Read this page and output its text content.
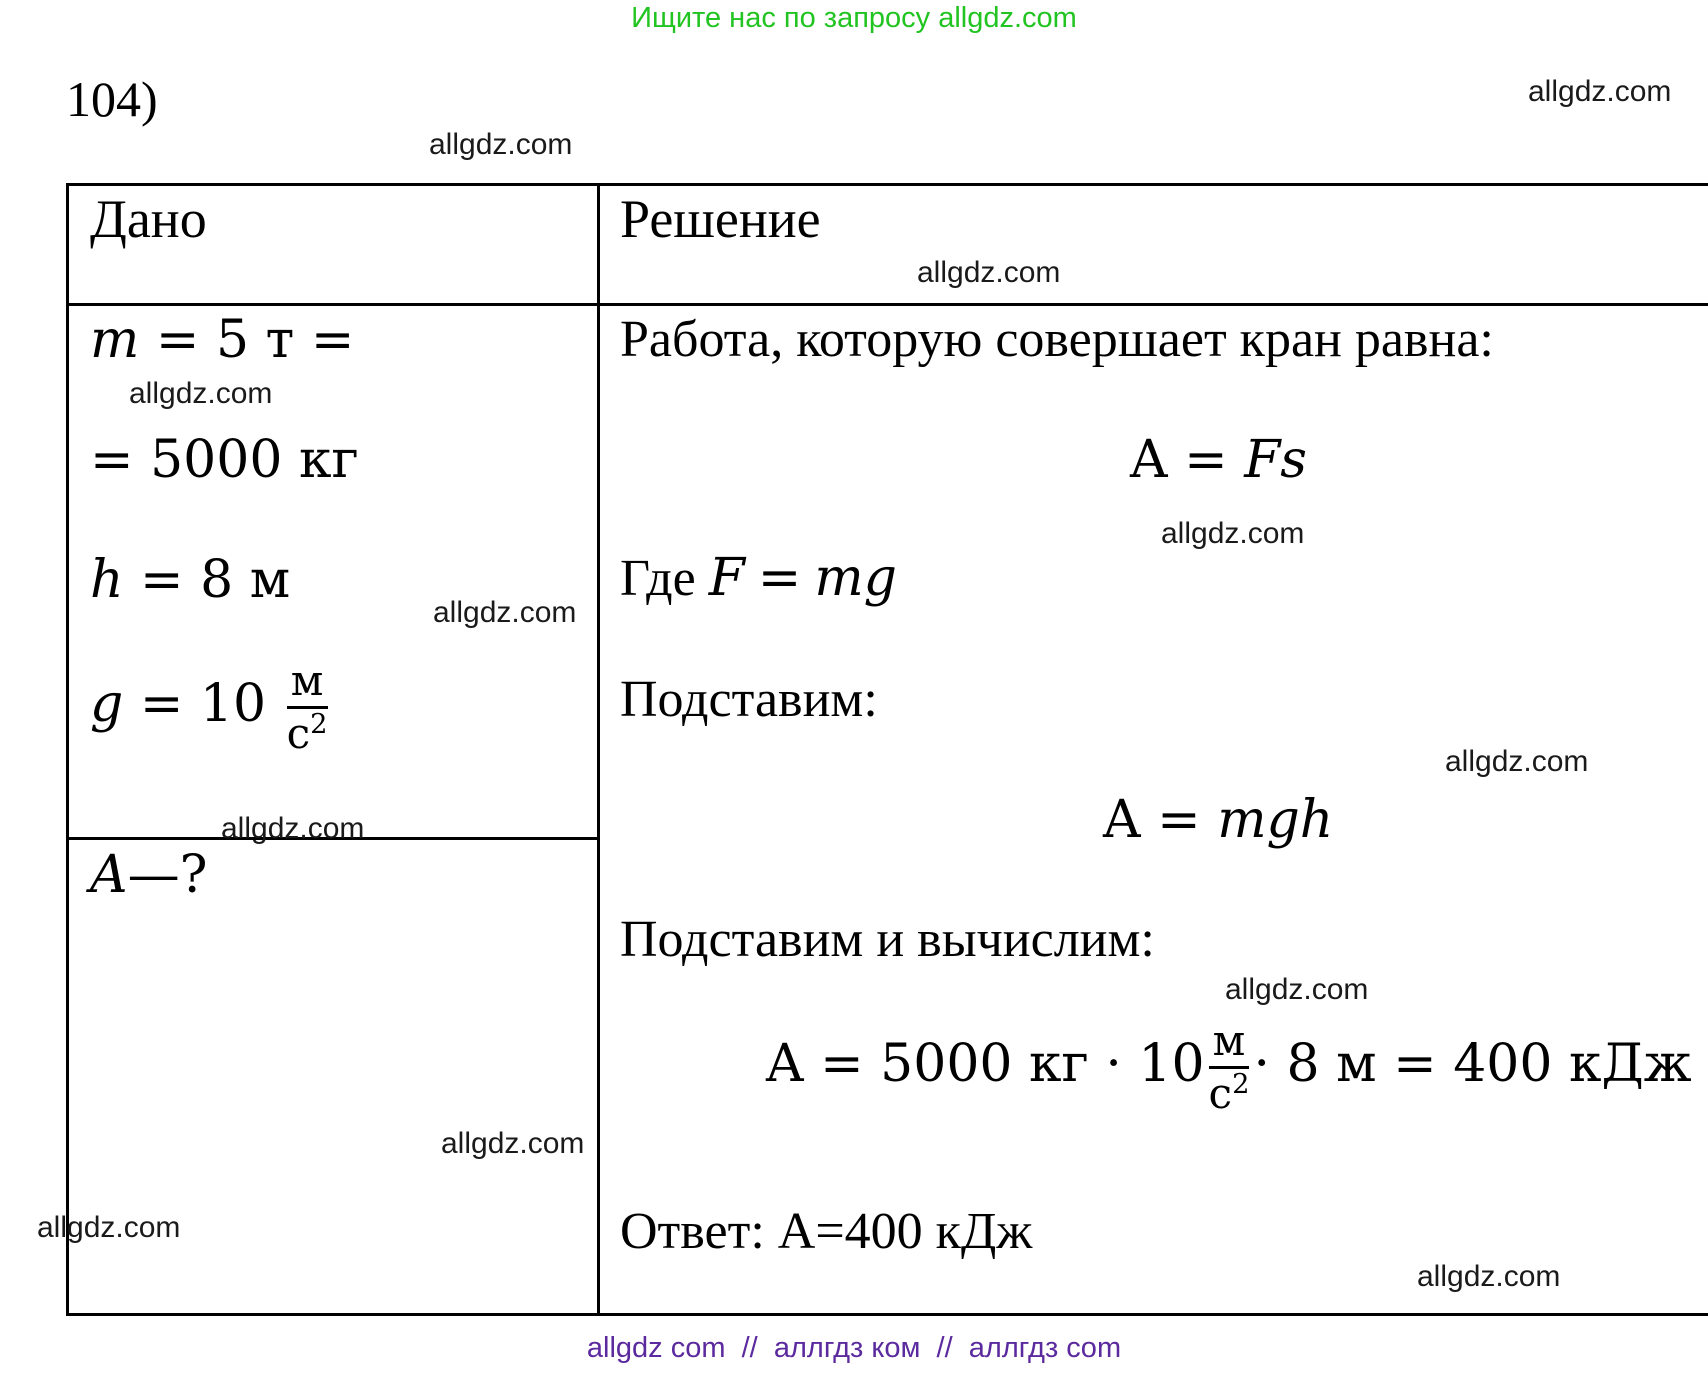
Ищите нас по запросу allgdz.com
104)
Дано	Решение
m = 5 т =
= 5000 кг
h = 8 м
$g = 10 \frac{м}{с^2}$
A—?
Работа, которую совершает кран равна:
A = Fs
Где F = mg
Подставим:
A = mgh
Подставим и вычислим:
A = 5000 кг · $10 \frac{м}{с^2} \cdot 8$ м = 400 кДж
Ответ: A=400 кДж
allgdz.com
allgdz.com
allgdz.com
allgdz.com
allgdz.com
allgdz.com
allgdz.com
allgdz.com
allgdz.com
allgdz.com
allgdz.com
allgdz.com
allgdz com  //  аллгдз ком  //  аллгдз com
